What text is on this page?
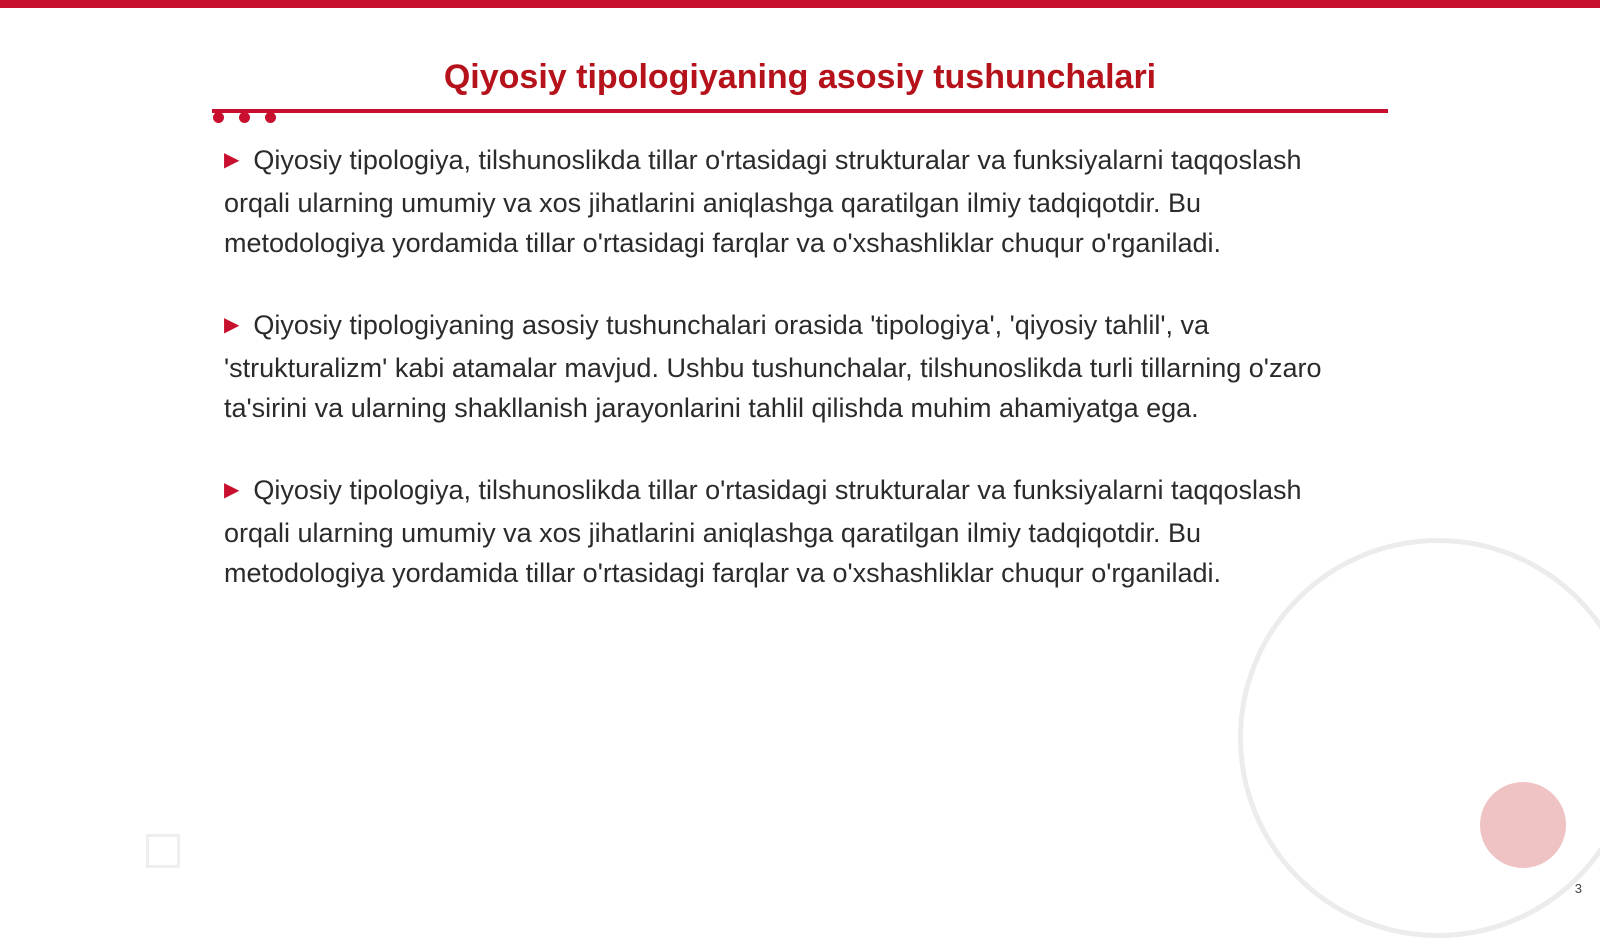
Qiyosiy tipologiyaning asosiy tushunchalari

▶ Qiyosiy tipologiya, tilshunoslikda tillar o'rtasidagi strukturalar va funksiyalarni taqqoslash orqali ularning umumiy va xos jihatlarini aniqlashga qaratilgan ilmiy tadqiqotdir. Bu metodologiya yordamida tillar o'rtasidagi farqlar va o'xshashliklar chuqur o'rganiladi.

▶ Qiyosiy tipologiyaning asosiy tushunchalari orasida 'tipologiya', 'qiyosiy tahlil', va 'strukturalizm' kabi atamalar mavjud. Ushbu tushunchalar, tilshunoslikda turli tillarning o'zaro ta'sirini va ularning shakllanish jarayonlarini tahlil qilishda muhim ahamiyatga ega.

▶ Qiyosiy tipologiya, tilshunoslikda tillar o'rtasidagi strukturalar va funksiyalarni taqqoslash orqali ularning umumiy va xos jihatlarini aniqlashga qaratilgan ilmiy tadqiqotdir. Bu metodologiya yordamida tillar o'rtasidagi farqlar va o'xshashliklar chuqur o'rganiladi.

3
